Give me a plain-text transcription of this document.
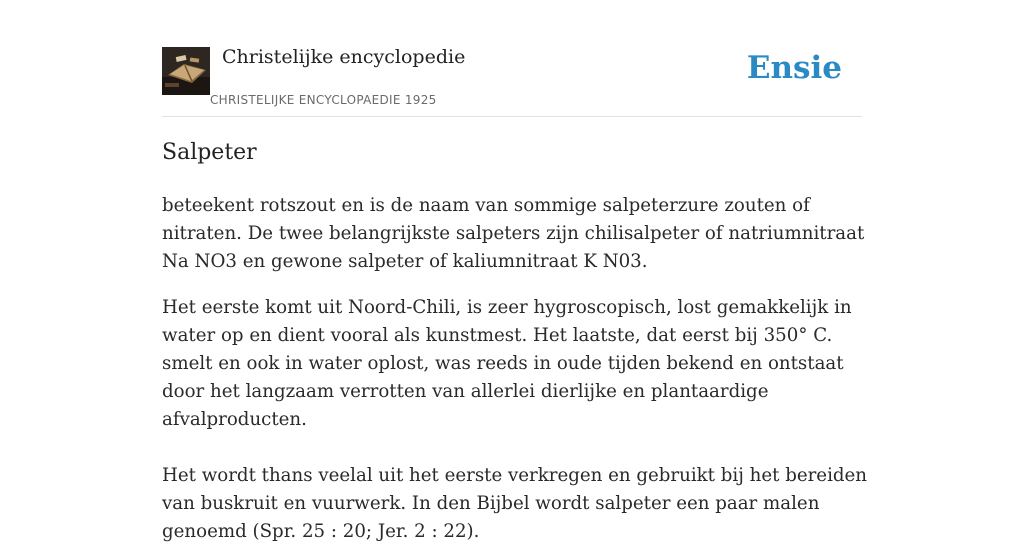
Christelijke encyclopedie
CHRISTELIJKE ENCYCLOPAEDIE 1925
Ensie
Salpeter

beteekent rotszout en is de naam van sommige salpeterzure zouten of nitraten. De twee belangrijkste salpeters zijn chilisalpeter of natriumnitraat Na NO3 en gewone salpeter of kaliumnitraat K N03.

Het eerste komt uit Noord-Chili, is zeer hygroscopisch, lost gemakkelijk in water op en dient vooral als kunstmest. Het laatste, dat eerst bij 350° C. smelt en ook in water oplost, was reeds in oude tijden bekend en ontstaat door het langzaam verrotten van allerlei dierlijke en plantaardige afvalproducten.

Het wordt thans veelal uit het eerste verkregen en gebruikt bij het bereiden van buskruit en vuurwerk. In den Bijbel wordt salpeter een paar malen genoemd (Spr. 25 : 20; Jer. 2 : 22).
